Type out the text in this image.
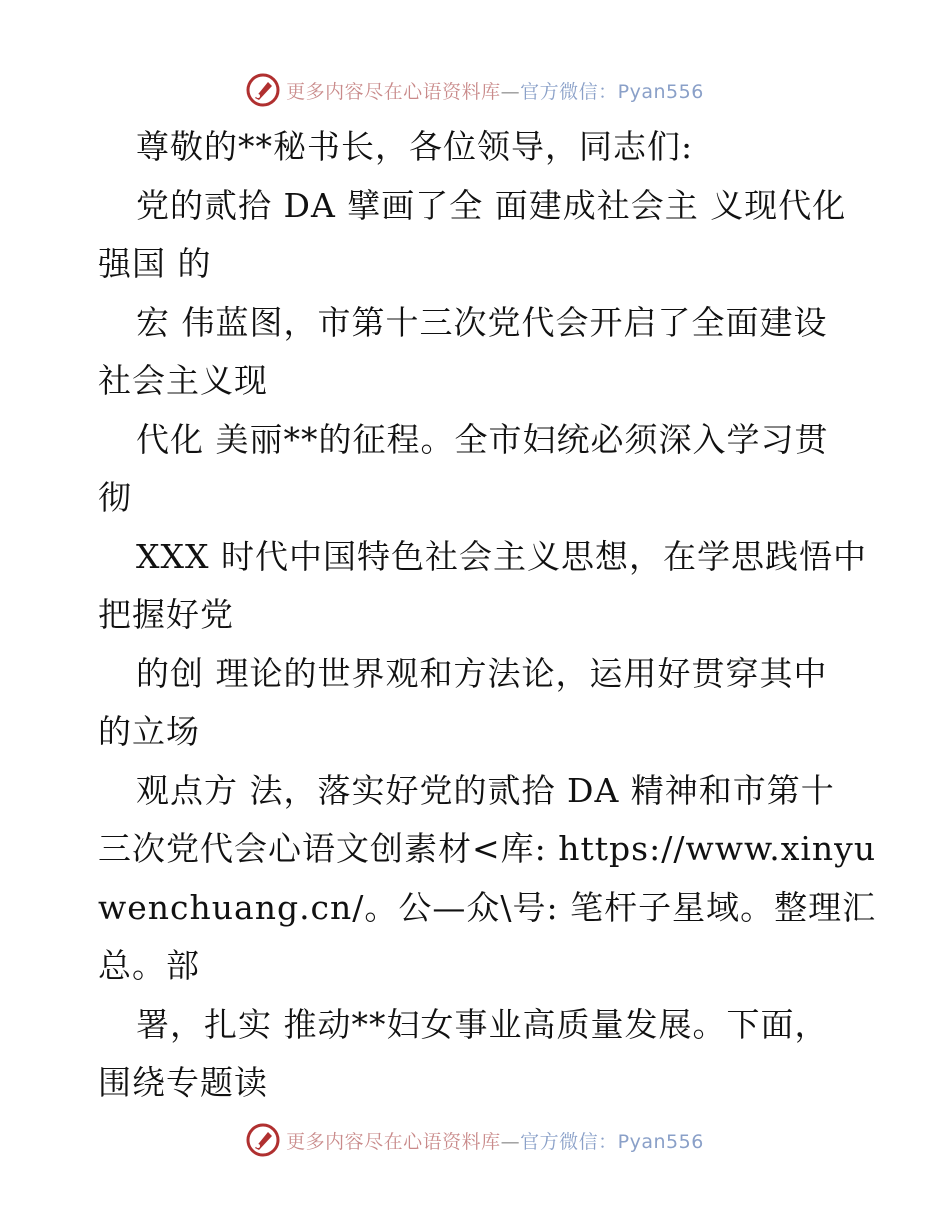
更多内容尽在心语资料库—官方微信：Pyan556
尊敬的**秘书长，各位领导，同志们:
党的贰拾 DA 擘画了全 面建成社会主 义现代化
强国 的
宏 伟蓝图，市第十三次党代会开启了全面建设
社会主义现
代化 美丽**的征程。全市妇统必须深入学习贯
彻
XXX 时代中国特色社会主义思想，在学思践悟中
把握好党
的创 理论的世界观和方法论，运用好贯穿其中
的立场
观点方 法，落实好党的贰拾 DA 精神和市第十
三次党代会心语文创素材<库: https://www.xinyu
wenchuang.cn/。公—众\号: 笔杆子星域。整理汇
总。部
署，扎实 推动**妇女事业高质量发展。下面，
围绕专题读
更多内容尽在心语资料库—官方微信：Pyan556
